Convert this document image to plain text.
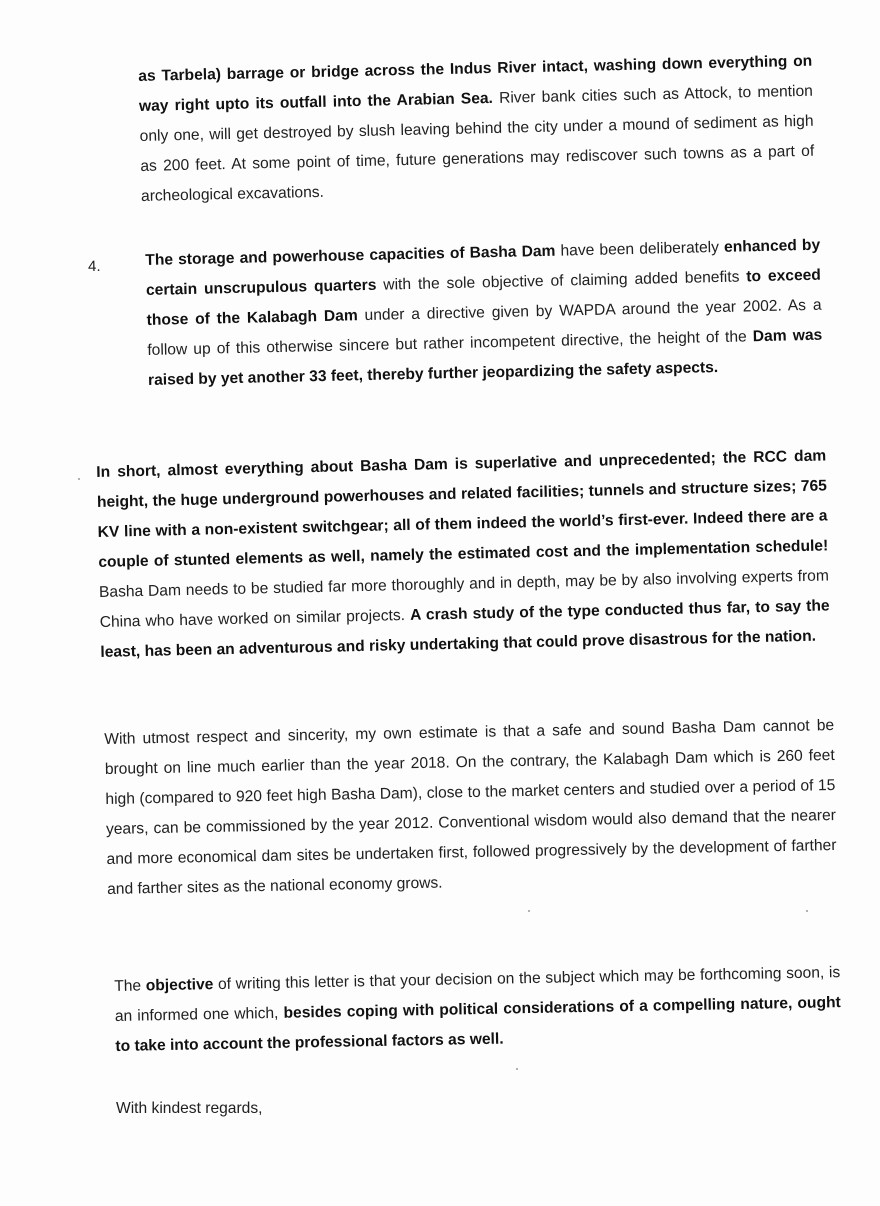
as Tarbela) barrage or bridge across the Indus River intact, washing down everything on way right upto its outfall into the Arabian Sea. River bank cities such as Attock, to mention only one, will get destroyed by slush leaving behind the city under a mound of sediment as high as 200 feet. At some point of time, future generations may rediscover such towns as a part of archeological excavations.

4.	The storage and powerhouse capacities of Basha Dam have been deliberately enhanced by certain unscrupulous quarters with the sole objective of claiming added benefits to exceed those of the Kalabagh Dam under a directive given by WAPDA around the year 2002. As a follow up of this otherwise sincere but rather incompetent directive, the height of the Dam was raised by yet another 33 feet, thereby further jeopardizing the safety aspects.

In short, almost everything about Basha Dam is superlative and unprecedented; the RCC dam height, the huge underground powerhouses and related facilities; tunnels and structure sizes; 765 KV line with a non-existent switchgear; all of them indeed the world’s first-ever. Indeed there are a couple of stunted elements as well, namely the estimated cost and the implementation schedule! Basha Dam needs to be studied far more thoroughly and in depth, may be by also involving experts from China who have worked on similar projects. A crash study of the type conducted thus far, to say the least, has been an adventurous and risky undertaking that could prove disastrous for the nation.

With utmost respect and sincerity, my own estimate is that a safe and sound Basha Dam cannot be brought on line much earlier than the year 2018. On the contrary, the Kalabagh Dam which is 260 feet high (compared to 920 feet high Basha Dam), close to the market centers and studied over a period of 15 years, can be commissioned by the year 2012. Conventional wisdom would also demand that the nearer and more economical dam sites be undertaken first, followed progressively by the development of farther and farther sites as the national economy grows.

The objective of writing this letter is that your decision on the subject which may be forthcoming soon, is an informed one which, besides coping with political considerations of a compelling nature, ought to take into account the professional factors as well.

With kindest regards,
